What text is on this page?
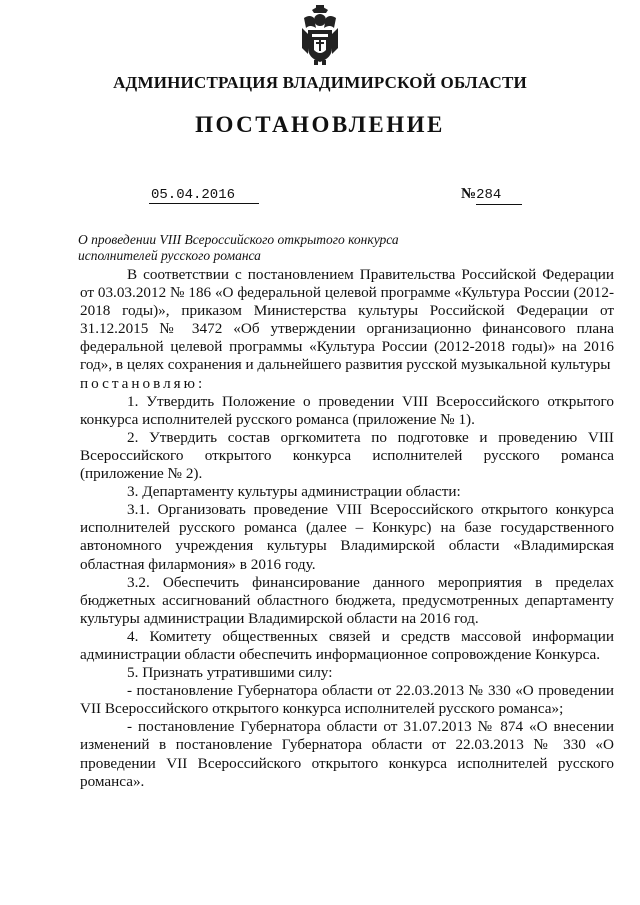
АДМИНИСТРАЦИЯ ВЛАДИМИРСКОЙ ОБЛАСТИ
ПОСТАНОВЛЕНИЕ
05.04.2016	№284
О проведении VIII Всероссийского открытого конкурса
исполнителей русского романса

В соответствии с постановлением Правительства Российской Федерации от 03.03.2012 № 186 «О федеральной целевой программе «Культура России (2012-2018 годы)», приказом Министерства культуры Российской Федерации от 31.12.2015 № 3472 «Об утверждении организационно финансового плана федеральной целевой программы «Культура России (2012-2018 годы)» на 2016 год», в целях сохранения и дальнейшего развития русской музыкальной культуры

постановляю:

1. Утвердить Положение о проведении VIII Всероссийского открытого конкурса исполнителей русского романса (приложение № 1).

2. Утвердить состав оргкомитета по подготовке и проведению VIII Всероссийского открытого конкурса исполнителей русского романса (приложение № 2).

3. Департаменту культуры администрации области:

3.1. Организовать проведение VIII Всероссийского открытого конкурса исполнителей русского романса (далее – Конкурс) на базе государственного автономного учреждения культуры Владимирской области «Владимирская областная филармония» в 2016 году.

3.2. Обеспечить финансирование данного мероприятия в пределах бюджетных ассигнований областного бюджета, предусмотренных департаменту культуры администрации Владимирской области на 2016 год.

4. Комитету общественных связей и средств массовой информации администрации области обеспечить информационное сопровождение Конкурса.

5. Признать утратившими силу:

- постановление Губернатора области от 22.03.2013 № 330 «О проведении VII Всероссийского открытого конкурса исполнителей русского романса»;

- постановление Губернатора области от 31.07.2013 № 874 «О внесении изменений в постановление Губернатора области от 22.03.2013 № 330 «О проведении VII Всероссийского открытого конкурса исполнителей русского романса».
